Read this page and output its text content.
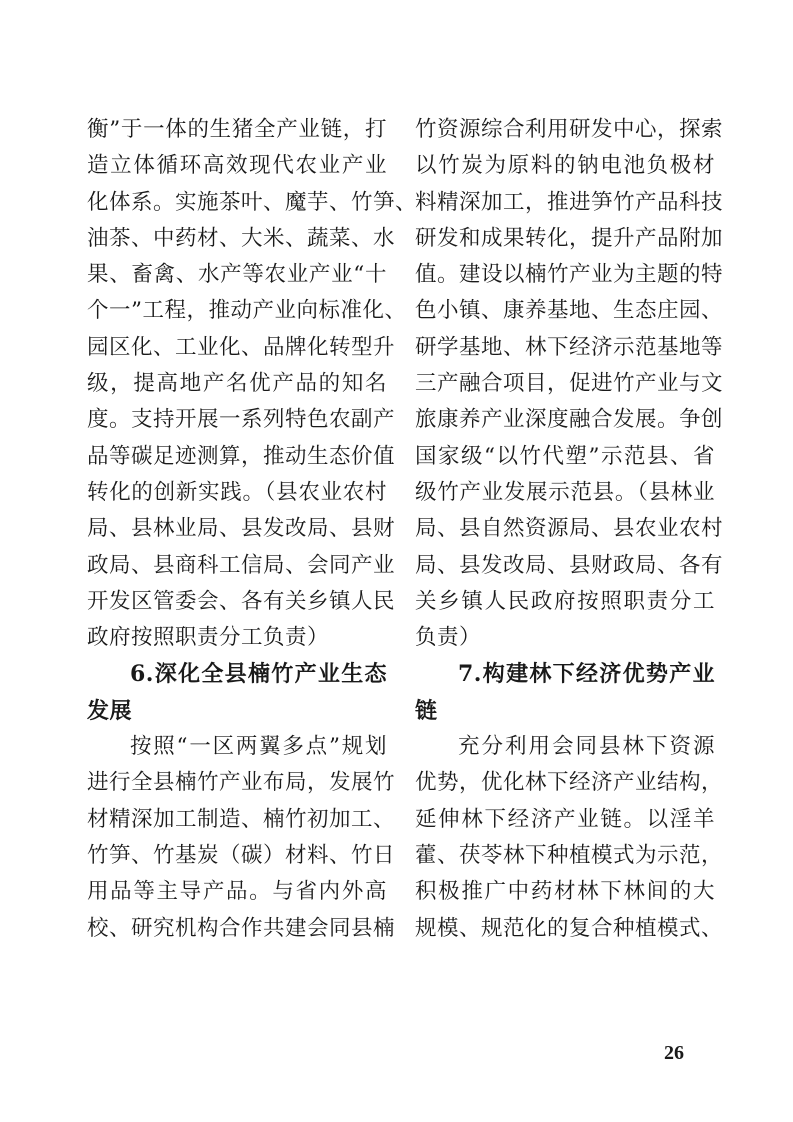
衡”于一体的生猪全产业链，打
造立体循环高效现代农业产业
化体系。实施茶叶、魔芋、竹笋、
油茶、中药材、大米、蔬菜、水
果、畜禽、水产等农业产业“十
个一”工程，推动产业向标准化、
园区化、工业化、品牌化转型升
级，提高地产名优产品的知名
度。支持开展一系列特色农副产
品等碳足迹测算，推动生态价值
转化的创新实践。（县农业农村
局、县林业局、县发改局、县财
政局、县商科工信局、会同产业
开发区管委会、各有关乡镇人民
政府按照职责分工负责）
6.深化全县楠竹产业生态
发展
按照“一区两翼多点”规划
进行全县楠竹产业布局，发展竹
材精深加工制造、楠竹初加工、
竹笋、竹基炭（碳）材料、竹日
用品等主导产品。与省内外高
校、研究机构合作共建会同县楠
竹资源综合利用研发中心，探索
以竹炭为原料的钠电池负极材
料精深加工，推进笋竹产品科技
研发和成果转化，提升产品附加
值。建设以楠竹产业为主题的特
色小镇、康养基地、生态庄园、
研学基地、林下经济示范基地等
三产融合项目，促进竹产业与文
旅康养产业深度融合发展。争创
国家级“以竹代塑”示范县、省
级竹产业发展示范县。（县林业
局、县自然资源局、县农业农村
局、县发改局、县财政局、各有
关乡镇人民政府按照职责分工
负责）
7.构建林下经济优势产业
链
充分利用会同县林下资源
优势，优化林下经济产业结构，
延伸林下经济产业链。以淫羊
藿、茯苓林下种植模式为示范，
积极推广中药材林下林间的大
规模、规范化的复合种植模式、
26
